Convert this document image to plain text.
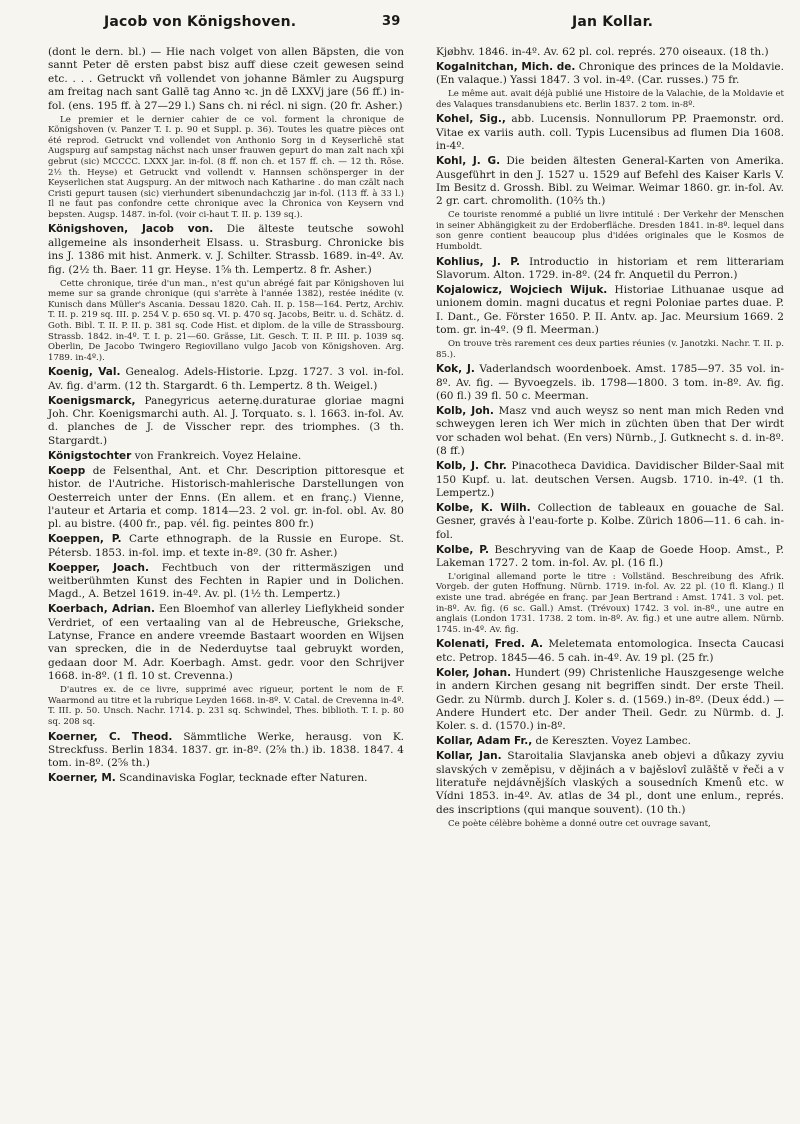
Jacob von Königshoven.	39	Jan Kollar.

(dont le dern. bl.) — Hie nach volget von allen Bäpsten, die von sannt Peter dē ersten pabst bisz auff diese czeit gewesen seind etc. . . . Getruckt vñ vollendet von johanne Bämler zu Augspurg am freitag nach sant Gallē tag Anno ꝛc. jn dē LXXVj jare (56 ff.) in-fol. (ens. 195 ff. à 27—29 l.) Sans ch. ni récl. ni sign. (20 fr. Asher.)

Le premier et le dernier cahier de ce vol. forment la chronique de Königshoven (v. Panzer T. I. p. 90 et Suppl. p. 36). Toutes les quatre pièces ont été reprod. Getruckt vnd vollendet von Anthonio Sorg in d Keyserlichē stat Augspurg auf sampstag nächst nach unser frauwen gepurt do man zalt nach xp̄i gebrut (sic) MCCCC. LXXX jar. in-fol. (8 ff. non ch. et 157 ff. ch. — 12 th. Rōse. 2½ th. Heyse) et Getruckt vnd vollendt v. Hannsen schönsperger in der Keyserlichen stat Augspurg. An der mitwoch nach Katharine . do man czält nach Cristi gepurt tausen (sic) vierhundert sibenundachczig jar in-fol. (113 ff. à 33 l.) Il ne faut pas confondre cette chronique avec la Chronica von Keysern vnd bepsten. Augsp. 1487. in-fol. (voir ci-haut T. II. p. 139 sq.).

Königshoven, Jacob von. Die älteste teutsche sowohl allgemeine als insonderheit Elsass. u. Strasburg. Chronicke bis ins J. 1386 mit hist. Anmerk. v. J. Schilter. Strassb. 1689. in-4º. Av. fig. (2½ th. Baer. 11 gr. Heyse. 1⅝ th. Lempertz. 8 fr. Asher.)

Cette chronique, tirée d'un man., n'est qu'un abrégé fait par Königshoven lui meme sur sa grande chronique (qui s'arrète à l'année 1382), restée inédite (v. Kunisch dans Müller's Ascania. Dessau 1820. Cah. II. p. 158—164. Pertz, Archiv. T. II. p. 219 sq. III. p. 254 V. p. 650 sq. VI. p. 470 sq. Jacobs, Beitr. u. d. Schätz. d. Goth. Bibl. T. II. P. II. p. 381 sq. Code Hist. et diplom. de la ville de Strassbourg. Strassb. 1842. in-4º. T. I. p. 21—60. Grässe, Lit. Gesch. T. II. P. III. p. 1039 sq. Oberlin, De Jacobo Twingero Regiovillano vulgo Jacob von Königshoven. Arg. 1789. in-4º.).

Koenig, Val. Genealog. Adels-Historie. Lpzg. 1727. 3 vol. in-fol. Av. fig. d'arm. (12 th. Stargardt. 6 th. Lempertz. 8 th. Weigel.)

Koenigsmarck, Panegyricus aeternę.duraturae gloriae magni Joh. Chr. Koenigsmarchi auth. Al. J. Torquato. s. l. 1663. in-fol. Av. d. planches de J. de Visscher repr. des triomphes. (3 th. Stargardt.)

Königstochter von Frankreich. Voyez Helaine.

Koepp de Felsenthal, Ant. et Chr. Description pittoresque et histor. de l'Autriche. Historisch-mahlerische Darstellungen von Oesterreich unter der Enns. (En allem. et en franç.) Vienne, l'auteur et Artaria et comp. 1814—23. 2 vol. gr. in-fol. obl. Av. 80 pl. au bistre. (400 fr., pap. vél. fig. peintes 800 fr.)

Koeppen, P. Carte ethnograph. de la Russie en Europe. St. Pétersb. 1853. in-fol. imp. et texte in-8º. (30 fr. Asher.)

Koepper, Joach. Fechtbuch von der rittermäszigen und weitberühmten Kunst des Fechten in Rapier und in Dolichen. Magd., A. Betzel 1619. in-4º. Av. pl. (1½ th. Lempertz.)

Koerbach, Adrian. Een Bloemhof van allerley Lieflykheid sonder Verdriet, of een vertaaling van al de Hebreusche, Grieksche, Latynse, France en andere vreemde Bastaart woorden en Wijsen van sprecken, die in de Nederduytse taal gebruykt worden, gedaan door M. Adr. Koerbagh. Amst. gedr. voor den Schrijver 1668. in-8º. (1 fl. 10 st. Crevenna.)

D'autres ex. de ce livre, supprimé avec rigueur, portent le nom de F. Waarmond au titre et la rubrique Leyden 1668. in-8º. V. Catal. de Crevenna in-4º. T. III. p. 50. Unsch. Nachr. 1714. p. 231 sq. Schwindel, Thes. biblioth. T. I. p. 80 sq. 208 sq.

Koerner, C. Theod. Sämmtliche Werke, herausg. von K. Streckfuss. Berlin 1834. 1837. gr. in-8º. (2⅝ th.) ib. 1838. 1847. 4 tom. in-8º. (2⅝ th.)

Koerner, M. Scandinaviska Foglar, tecknade efter Naturen.

Kjøbhv. 1846. in-4º. Av. 62 pl. col. représ. 270 oiseaux. (18 th.)

Kogalnitchan, Mich. de. Chronique des princes de la Moldavie. (En valaque.) Yassi 1847. 3 vol. in-4º. (Car. russes.) 75 fr.

Le même aut. avait déjà publié une Histoire de la Valachie, de la Moldavie et des Valaques transdanubiens etc. Berlin 1837. 2 tom. in-8º.

Kohel, Sig., abb. Lucensis. Nonnullorum PP. Praemonstr. ord. Vitae ex variis auth. coll. Typis Lucensibus ad flumen Dia 1608. in-4º.

Kohl, J. G. Die beiden ältesten General-Karten von Amerika. Ausgeführt in den J. 1527 u. 1529 auf Befehl des Kaiser Karls V. Im Besitz d. Grossh. Bibl. zu Weimar. Weimar 1860. gr. in-fol. Av. 2 gr. cart. chromolith. (10⅔ th.)

Ce touriste renommé a publié un livre intitulé : Der Verkehr der Menschen in seiner Abhängigkeit zu der Erdoberfläche. Dresden 1841. in-8º. lequel dans son genre contient beaucoup plus d'idées originales que le Kosmos de Humboldt.

Kohlius, J. P. Introductio in historiam et rem litterariam Slavorum. Alton. 1729. in-8º. (24 fr. Anquetil du Perron.)

Kojalowicz, Wojciech Wijuk. Historiae Lithuanae usque ad unionem domin. magni ducatus et regni Poloniae partes duae. P. I. Dant., Ge. Förster 1650. P. II. Antv. ap. Jac. Meursium 1669. 2 tom. gr. in-4º. (9 fl. Meerman.)

On trouve très rarement ces deux parties réunies (v. Janotzki. Nachr. T. II. p. 85.).

Kok, J. Vaderlandsch woordenboek. Amst. 1785—97. 35 vol. in-8º. Av. fig. — Byvoegzels. ib. 1798—1800. 3 tom. in-8º. Av. fig. (60 fl.) 39 fl. 50 c. Meerman.

Kolb, Joh. Masz vnd auch weysz so nent man mich Reden vnd schweygen leren ich Wer mich in züchten üben that Der wirdt vor schaden wol behat. (En vers) Nürnb., J. Gutknecht s. d. in-8º. (8 ff.)

Kolb, J. Chr. Pinacotheca Davidica. Davidischer Bilder-Saal mit 150 Kupf. u. lat. deutschen Versen. Augsb. 1710. in-4º. (1 th. Lempertz.)

Kolbe, K. Wilh. Collection de tableaux en gouache de Sal. Gesner, gravés à l'eau-forte p. Kolbe. Zürich 1806—11. 6 cah. in-fol.

Kolbe, P. Beschryving van de Kaap de Goede Hoop. Amst., P. Lakeman 1727. 2 tom. in-fol. Av. pl. (16 fl.)

L'original allemand porte le titre : Vollständ. Beschreibung des Afrik. Vorgeb. der guten Hoffnung. Nürnb. 1719. in-fol. Av. 22 pl. (10 fl. Klang.) Il existe une trad. abrégée en franç. par Jean Bertrand : Amst. 1741. 3 vol. pet. in-8º. Av. fig. (6 sc. Gall.) Amst. (Trévoux) 1742. 3 vol. in-8º., une autre en anglais (London 1731. 1738. 2 tom. in-8º. Av. fig.) et une autre allem. Nürnb. 1745. in-4º. Av. fig.

Kolenati, Fred. A. Meletemata entomologica. Insecta Caucasi etc. Petrop. 1845—46. 5 cah. in-4º. Av. 19 pl. (25 fr.)

Koler, Johan. Hundert (99) Christenliche Hauszgesenge welche in andern Kirchen gesang nit begriffen sindt. Der erste Theil. Gedr. zu Nürmb. durch J. Koler s. d. (1569.) in-8º. (Deux édd.) — Andere Hundert etc. Der ander Theil. Gedr. zu Nürmb. d. J. Koler. s. d. (1570.) in-8º.

Kollar, Adam Fr., de Kereszten. Voyez Lambec.

Kollar, Jan. Staroitalia Slavjanska aneb objevi a důkazy zyviu slavských v zeměpisu, v dějinách a v bajěslovî zulāště v řeči a v literatuře nejdávnějších vlaských a sousedních Kmenů etc. w Vídni 1853. in-4º. Av. atlas de 34 pl., dont une enlum., représ. des inscriptions (qui manque souvent). (10 th.)

Ce poète célèbre bohème a donné outre cet ouvrage savant,
